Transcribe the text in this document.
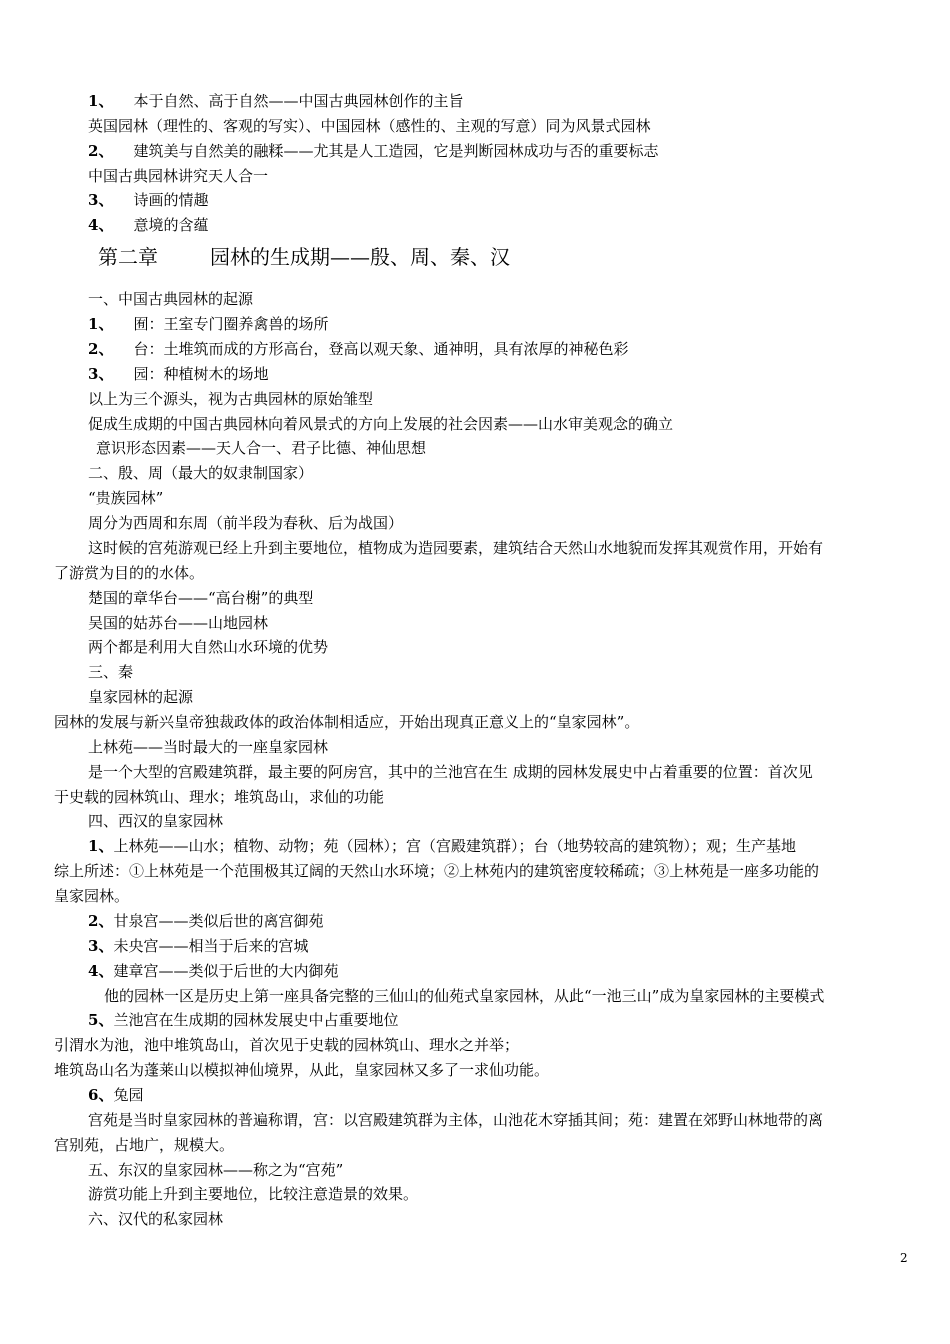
1、 本于自然、高于自然——中国古典园林创作的主旨
英国园林（理性的、客观的写实）、中国园林（感性的、主观的写意）同为风景式园林
2、 建筑美与自然美的融糅——尤其是人工造园，它是判断园林成功与否的重要标志
中国古典园林讲究天人合一
3、 诗画的情趣
4、 意境的含蕴
第二章	园林的生成期——殷、周、秦、汉
一、中国古典园林的起源
1、 囿：王室专门圈养禽兽的场所
2、 台：土堆筑而成的方形高台，登高以观天象、通神明，具有浓厚的神秘色彩
3、 园：种植树木的场地
以上为三个源头，视为古典园林的原始雏型
促成生成期的中国古典园林向着风景式的方向上发展的社会因素——山水审美观念的确立
意识形态因素——天人合一、君子比德、神仙思想
二、殷、周（最大的奴隶制国家）
“贵族园林”
周分为西周和东周（前半段为春秋、后为战国）
这时候的宫苑游观已经上升到主要地位，植物成为造园要素，建筑结合天然山水地貌而发挥其观赏作用，开始有
了游赏为目的的水体。
楚国的章华台——“高台榭”的典型
吴国的姑苏台——山地园林
两个都是利用大自然山水环境的优势
三、秦
皇家园林的起源
园林的发展与新兴皇帝独裁政体的政治体制相适应，开始出现真正意义上的“皇家园林”。
上林苑——当时最大的一座皇家园林
是一个大型的宫殿建筑群，最主要的阿房宫，其中的兰池宫在生 成期的园林发展史中占着重要的位置：首次见
于史载的园林筑山、理水；堆筑岛山，求仙的功能
四、西汉的皇家园林
1、上林苑——山水；植物、动物；苑（园林）；宫（宫殿建筑群）；台（地势较高的建筑物）；观；生产基地
综上所述：①上林苑是一个范围极其辽阔的天然山水环境；②上林苑内的建筑密度较稀疏；③上林苑是一座多功能的
皇家园林。
2、甘泉宫——类似后世的离宫御苑
3、未央宫——相当于后来的宫城
4、建章宫——类似于后世的大内御苑
他的园林一区是历史上第一座具备完整的三仙山的仙苑式皇家园林，从此“一池三山”成为皇家园林的主要模式
5、兰池宫在生成期的园林发展史中占重要地位
引渭水为池，池中堆筑岛山，首次见于史载的园林筑山、理水之并举；
堆筑岛山名为蓬莱山以模拟神仙境界，从此，皇家园林又多了一求仙功能。
6、兔园
宫苑是当时皇家园林的普遍称谓，宫：以宫殿建筑群为主体，山池花木穿插其间；苑：建置在郊野山林地带的离
宫别苑，占地广，规模大。
五、东汉的皇家园林——称之为“宫苑”
游赏功能上升到主要地位，比较注意造景的效果。
六、汉代的私家园林
2
